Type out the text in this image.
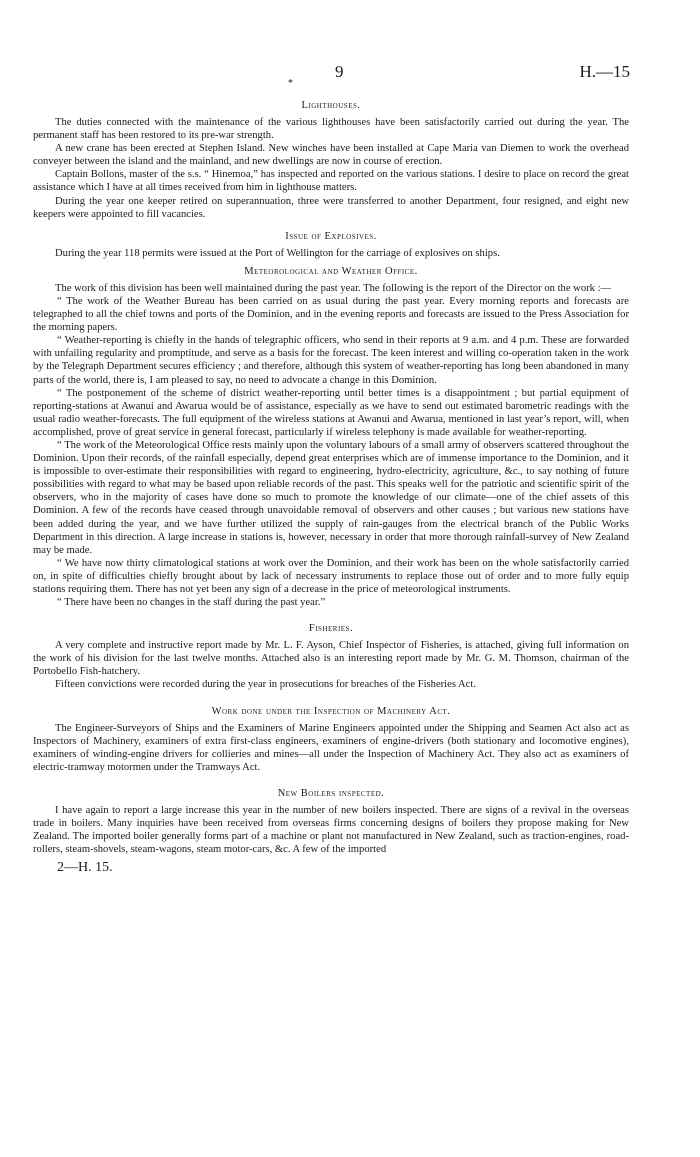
*
9	H.—15
Lighthouses.

The duties connected with the maintenance of the various lighthouses have been satisfactorily carried out during the year. The permanent staff has been restored to its pre-war strength.

A new crane has been erected at Stephen Island. New winches have been installed at Cape Maria van Diemen to work the overhead conveyer between the island and the mainland, and new dwellings are now in course of erection.

Captain Bollons, master of the s.s. “ Hinemoa,” has inspected and reported on the various stations. I desire to place on record the great assistance which I have at all times received from him in lighthouse matters.

During the year one keeper retired on superannuation, three were transferred to another Department, four resigned, and eight new keepers were appointed to fill vacancies.

Issue of Explosives.

During the year 118 permits were issued at the Port of Wellington for the carriage of explosives on ships.

Meteorological and Weather Office.

The work of this division has been well maintained during the past year. The following is the report of the Director on the work :—

“ The work of the Weather Bureau has been carried on as usual during the past year. Every morning reports and forecasts are telegraphed to all the chief towns and ports of the Dominion, and in the evening reports and forecasts are issued to the Press Association for the morning papers.

“ Weather-reporting is chiefly in the hands of telegraphic officers, who send in their reports at 9 a.m. and 4 p.m. These are forwarded with unfailing regularity and promptitude, and serve as a basis for the forecast. The keen interest and willing co-operation taken in the work by the Telegraph Department secures efficiency ; and therefore, although this system of weather-reporting has long been abandoned in many parts of the world, there is, I am pleased to say, no need to advocate a change in this Dominion.

“ The postponement of the scheme of district weather-reporting until better times is a disappointment ; but partial equipment of reporting-stations at Awanui and Awarua would be of assistance, especially as we have to send out estimated barometric readings with the usual radio weather-forecasts. The full equipment of the wireless stations at Awanui and Awarua, mentioned in last year’s report, will, when accomplished, prove of great service in general forecast, particularly if wireless telephony is made available for weather-reporting.

“ The work of the Meteorological Office rests mainly upon the voluntary labours of a small army of observers scattered throughout the Dominion. Upon their records, of the rainfall especially, depend great enterprises which are of immense importance to the Dominion, and it is impossible to over-estimate their responsibilities with regard to engineering, hydro-electricity, agriculture, &c., to say nothing of future possibilities with regard to what may be based upon reliable records of the past. This speaks well for the patriotic and scientific spirit of the observers, who in the majority of cases have done so much to promote the knowledge of our climate—one of the chief assets of this Dominion. A few of the records have ceased through unavoidable removal of observers and other causes ; but various new stations have been added during the year, and we have further utilized the supply of rain-gauges from the electrical branch of the Public Works Department in this direction. A large increase in stations is, however, necessary in order that more thorough rainfall-survey of New Zealand may be made.

“ We have now thirty climatological stations at work over the Dominion, and their work has been on the whole satisfactorily carried on, in spite of difficulties chiefly brought about by lack of necessary instruments to replace those out of order and to more fully equip stations requiring them. There has not yet been any sign of a decrease in the price of meteorological instruments.

“ There have been no changes in the staff during the past year.”

Fisheries.

A very complete and instructive report made by Mr. L. F. Ayson, Chief Inspector of Fisheries, is attached, giving full information on the work of his division for the last twelve months. Attached also is an interesting report made by Mr. G. M. Thomson, chairman of the Portobello Fish-hatchery.

Fifteen convictions were recorded during the year in prosecutions for breaches of the Fisheries Act.

Work done under the Inspection of Machinery Act.

The Engineer-Surveyors of Ships and the Examiners of Marine Engineers appointed under the Shipping and Seamen Act also act as Inspectors of Machinery, examiners of extra first-class engineers, examiners of engine-drivers (both stationary and locomotive engines), examiners of winding-engine drivers for collieries and mines—all under the Inspection of Machinery Act. They also act as examiners of electric-tramway motormen under the Tramways Act.

New Boilers inspected.

I have again to report a large increase this year in the number of new boilers inspected. There are signs of a revival in the overseas trade in boilers. Many inquiries have been received from overseas firms concerning designs of boilers they propose making for New Zealand. The imported boiler generally forms part of a machine or plant not manufactured in New Zealand, such as traction-engines, road-rollers, steam-shovels, steam-wagons, steam motor-cars, &c. A few of the imported

2—H. 15.
